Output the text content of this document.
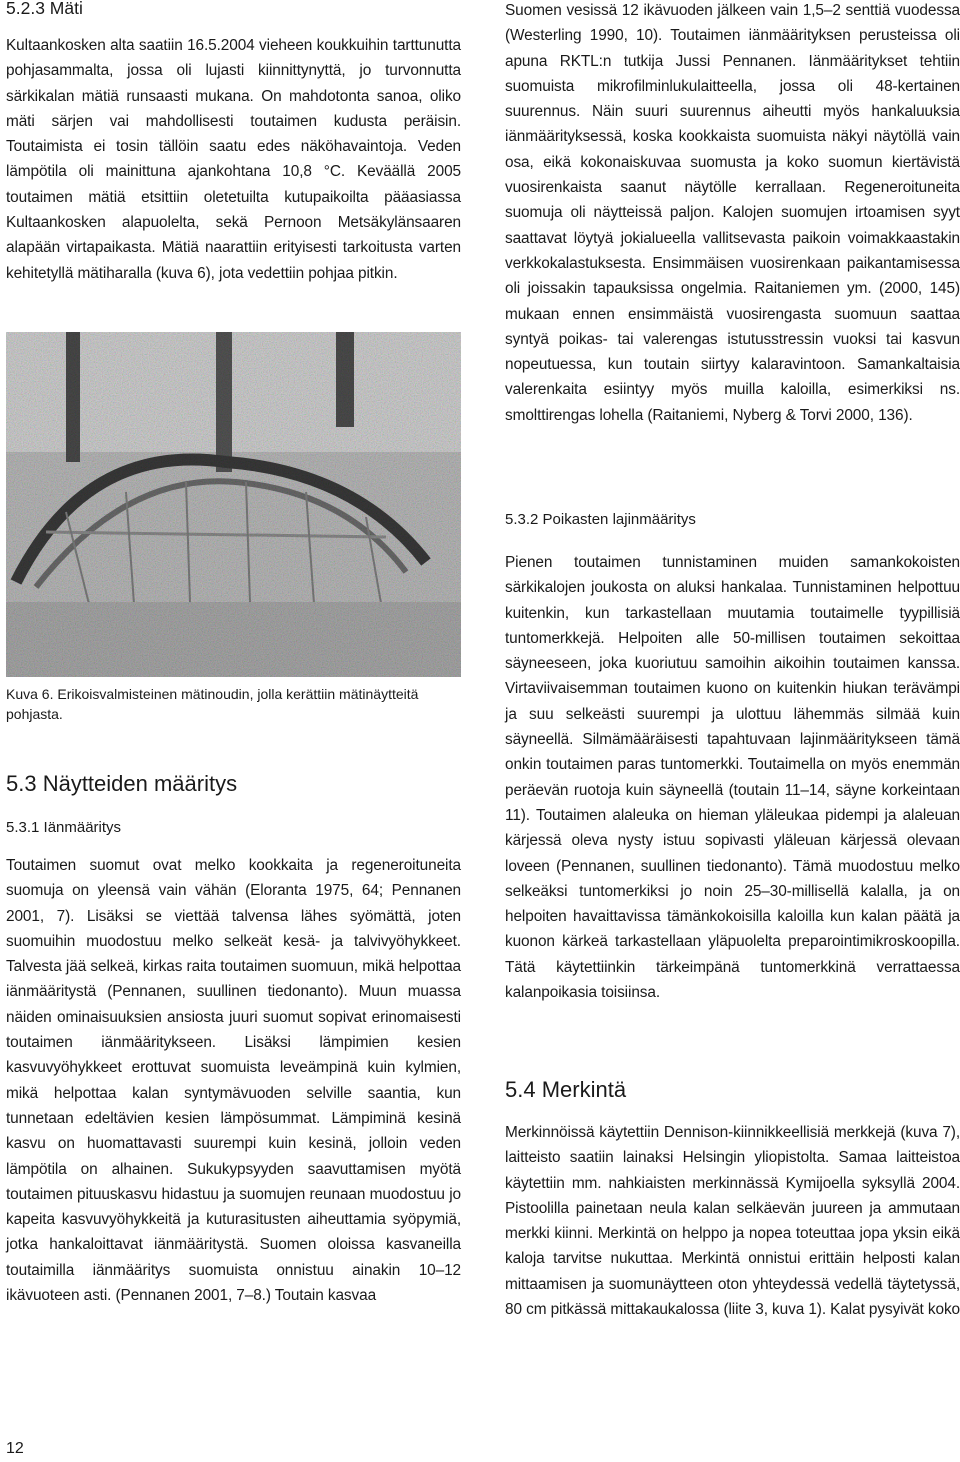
5.2.3 Mäti

Kultaankosken alta saatiin 16.5.2004 vieheen koukkuihin tarttunutta pohjasammalta, jossa oli lujasti kiinnittynyttä, jo turvonnutta särkikalan mätiä runsaasti mukana. On mahdotonta sanoa, oliko mäti särjen vai mahdollisesti toutaimen kudusta peräisin. Toutaimista ei tosin tällöin saatu edes näköhavaintoja. Veden lämpötila oli mainittuna ajankohtana 10,8 °C. Keväällä 2005 toutaimen mätiä etsittiin oletetuilta kutupaikoilta pääasiassa Kultaankosken alapuolelta, sekä Pernoon Metsäkylänsaaren alapään virtapaikasta. Mätiä naarattiin erityisesti tarkoitusta varten kehitetyllä mätiharalla (kuva 6), jota vedettiin pohjaa pitkin.

Kuva 6. Erikoisvalmisteinen mätinoudin, jolla kerättiin mätinäytteitä pohjasta.

5.3 Näytteiden määritys
5.3.1 Iänmääritys

Toutaimen suomut ovat melko kookkaita ja regeneroituneita suomuja on yleensä vain vähän (Eloranta 1975, 64; Pennanen 2001, 7). Lisäksi se viettää talvensa lähes syömättä, joten suomuihin muodostuu melko selkeät kesä- ja talvivyöhykkeet. Talvesta jää selkeä, kirkas raita toutaimen suomuun, mikä helpottaa iänmääritystä (Pennanen, suullinen tiedonanto). Muun muassa näiden ominaisuuksien ansiosta juuri suomut sopivat erinomaisesti toutaimen iänmääritykseen. Lisäksi lämpimien kesien kasvuvyöhykkeet erottuvat suomuista leveämpinä kuin kylmien, mikä helpottaa kalan syntymävuoden selville saantia, kun tunnetaan edeltävien kesien lämpösummat. Lämpiminä kesinä kasvu on huomattavasti suurempi kuin kesinä, jolloin veden lämpötila on alhainen. Sukukypsyyden saavuttamisen myötä toutaimen pituuskasvu hidastuu ja suomujen reunaan muodostuu jo kapeita kasvuvyöhykkeitä ja kuturasitusten aiheuttamia syöpymiä, jotka hankaloittavat iänmääritystä. Suomen oloissa kasvaneilla toutaimilla iänmääritys suomuista onnistuu ainakin 10–12 ikävuoteen asti. (Pennanen 2001, 7–8.) Toutain kasvaa

Suomen vesissä 12 ikävuoden jälkeen vain 1,5–2 senttiä vuodessa (Westerling 1990, 10). Toutaimen iänmäärityksen perusteissa oli apuna RKTL:n tutkija Jussi Pennanen. Iänmääritykset tehtiin suomuista mikrofilminlukulaitteella, jossa oli 48-kertainen suurennus. Näin suuri suurennus aiheutti myös hankaluuksia iänmäärityksessä, koska kookkaista suomuista näkyi näytöllä vain osa, eikä kokonaiskuvaa suomusta ja koko suomun kiertävistä vuosirenkaista saanut näytölle kerrallaan. Regeneroituneita suomuja oli näytteissä paljon. Kalojen suomujen irtoamisen syyt saattavat löytyä jokialueella vallitsevasta paikoin voimakkaastakin verkkokalastuksesta. Ensimmäisen vuosirenkaan paikantamisessa oli joissakin tapauksissa ongelmia. Raitaniemen ym. (2000, 145) mukaan ennen ensimmäistä vuosirengasta suomuun saattaa syntyä poikas- tai valerengas istutusstressin vuoksi tai kasvun nopeutuessa, kun toutain siirtyy kalaravintoon. Samankaltaisia valerenkaita esiintyy myös muilla kaloilla, esimerkiksi ns. smolttirengas lohella (Raitaniemi, Nyberg & Torvi 2000, 136).

5.3.2 Poikasten lajinmääritys

Pienen toutaimen tunnistaminen muiden samankokoisten särkikalojen joukosta on aluksi hankalaa. Tunnistaminen helpottuu kuitenkin, kun tarkastellaan muutamia toutaimelle tyypillisiä tuntomerkkejä. Helpoiten alle 50-millisen toutaimen sekoittaa säyneeseen, joka kuoriutuu samoihin aikoihin toutaimen kanssa. Virtaviivaisemman toutaimen kuono on kuitenkin hiukan terävämpi ja suu selkeästi suurempi ja ulottuu lähemmäs silmää kuin säyneellä. Silmämääräisesti tapahtuvaan lajinmääritykseen tämä onkin toutaimen paras tuntomerkki. Toutaimella on myös enemmän peräevän ruotoja kuin säyneellä (toutain 11–14, säyne korkeintaan 11). Toutaimen alaleuka on hieman yläleukaa pidempi ja alaleuan kärjessä oleva nysty istuu sopivasti yläleuan kärjessä olevaan loveen (Pennanen, suullinen tiedonanto). Tämä muodostuu melko selkeäksi tuntomerkiksi jo noin 25–30-millisellä kalalla, ja on helpoiten havaittavissa tämänkokoisilla kaloilla kun kalan päätä ja kuonon kärkeä tarkastellaan yläpuolelta preparointimikroskoopilla. Tätä käytettiinkin tärkeimpänä tuntomerkkinä verrattaessa kalanpoikasia toisiinsa.

5.4 Merkintä

Merkinnöissä käytettiin Dennison-kiinnikkeellisiä merkkejä (kuva 7), laitteisto saatiin lainaksi Helsingin yliopistolta. Samaa laitteistoa käytettiin mm. nahkiaisten merkinnässä Kymijoella syksyllä 2004. Pistoolilla painetaan neula kalan selkäevän juureen ja ammutaan merkki kiinni. Merkintä on helppo ja nopea toteuttaa jopa yksin eikä kaloja tarvitse nukuttaa. Merkintä onnistui erittäin helposti kalan mittaamisen ja suomunäytteen oton yhteydessä vedellä täytetyssä, 80 cm pitkässä mittakaukalossa (liite 3, kuva 1). Kalat pysyivät koko

12
